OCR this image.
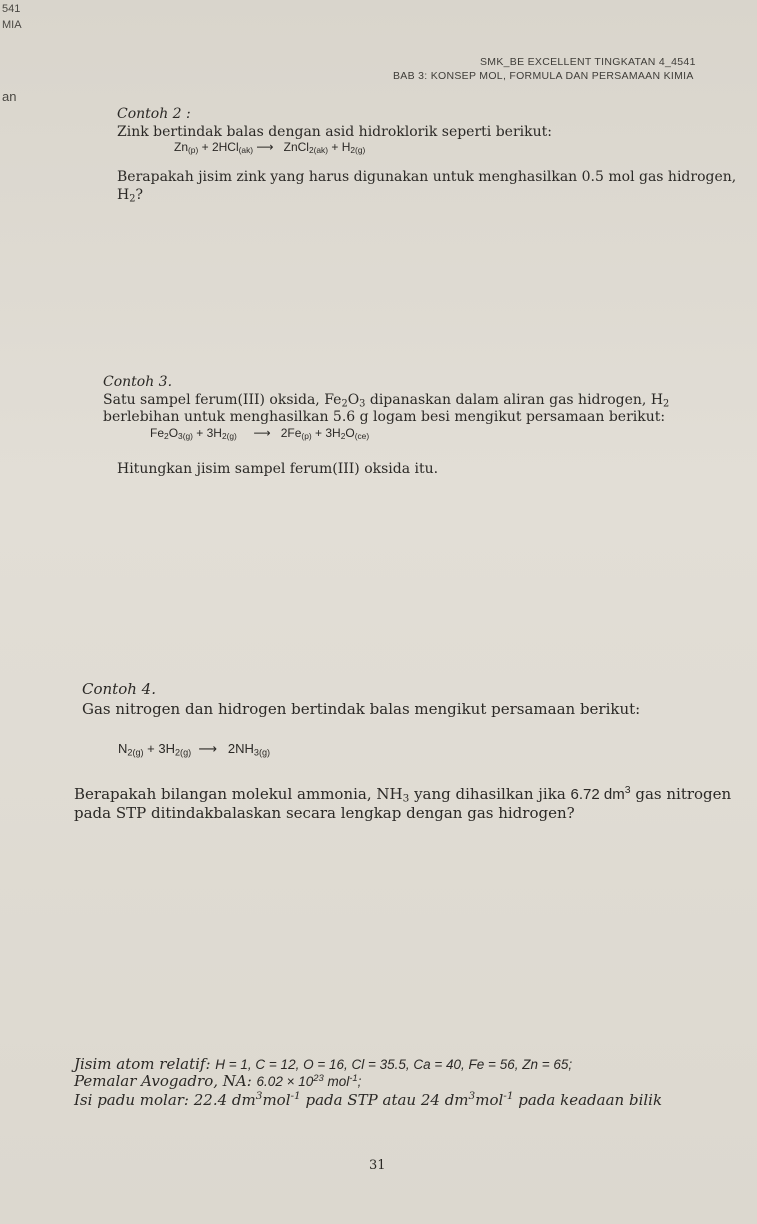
541
MIA
an
SMK_BE EXCELLENT TINGKATAN 4_4541
BAB 3: KONSEP MOL, FORMULA DAN PERSAMAAN KIMIA
Contoh 2 :
Zink bertindak balas dengan asid hidroklorik seperti berikut:
$Zn_{(p)} + 2HCl_{(ak)}$ ⟶   ZnCl$_{2(ak)}$ + $H_{2(g)}$
Berapakah jisim zink yang harus digunakan untuk menghasilkan 0.5 mol gas hidrogen,
$H_2$?
Contoh 3.
Satu sampel ferum(III) oksida, $Fe_2O_3$ dipanaskan dalam aliran gas hidrogen, $H_2$
berlebihan untuk menghasilkan 5.6 g logam besi mengikut persamaan berikut:
$Fe_2O_{3(g)} + 3H_{2(g)}$ ⟶   $2Fe_{(p)} + 3H_2O_{(ce)}$
Hitungkan jisim sampel ferum(III) oksida itu.
Contoh 4.
Gas nitrogen dan hidrogen bertindak balas mengikut persamaan berikut:
$N_{2(g)} + 3H_{2(g)}$ ⟶   $2NH_{3(g)}$
Berapakah bilangan molekul ammonia, $NH_3$ yang dihasilkan jika 6.72 $dm^3$ gas nitrogen
pada STP ditindakbalaskan secara lengkap dengan gas hidrogen?
Jisim atom relatif: H = 1, C = 12, O = 16, Cl = 35.5, Ca = 40, Fe = 56, Zn = 65;
Pemalar Avogadro, NA: $6.02 \times 10^{23}$ mol$^{-1}$;
Isi padu molar: 22.4 $dm^3mol^{-1}$ pada STP atau 24 $dm^3mol^{-1}$ pada keadaan bilik
31
